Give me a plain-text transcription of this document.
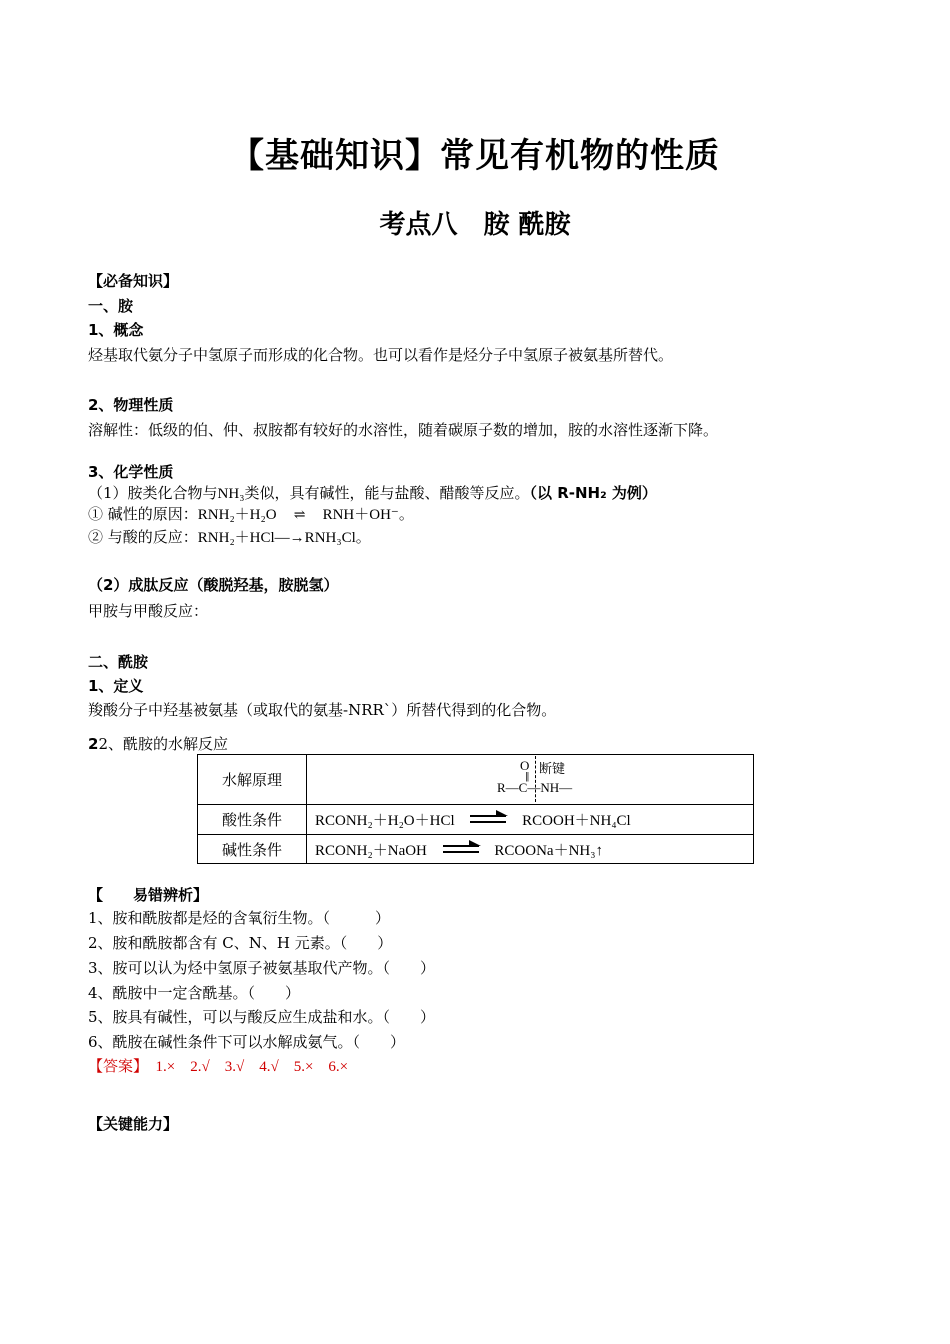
【基础知识】常见有机物的性质
考点八　胺 酰胺
【必备知识】
一、胺
1、概念
烃基取代氨分子中氢原子而形成的化合物。也可以看作是烃分子中氢原子被氨基所替代。
2、物理性质
溶解性：低级的伯、仲、叔胺都有较好的水溶性，随着碳原子数的增加，胺的水溶性逐渐下降。
3、化学性质
（1）胺类化合物与NH₃类似，具有碱性，能与盐酸、醋酸等反应。（以 R-NH₂ 为例）
① 碱性的原因：RNH₂＋H₂O ⇌ RNH＋OH⁻。
② 与酸的反应：RNH₂＋HCl—→RNH₃Cl。
（2）成肽反应（酸脱羟基，胺脱氢）
甲胺与甲酸反应：
二、酰胺
1、定义
羧酸分子中羟基被氨基（或取代的氨基-NRR`）所替代得到的化合物。
22、酰胺的水解反应
水解原理	O
‖ 断键
R—C—NH—

酸性条件	RCONH₂＋H₂O＋HCl RCOOH＋NH₄Cl
碱性条件	RCONH₂＋NaOH RCOONa＋NH₃↑
【　　易错辨析】
1、胺和酰胺都是烃的含氧衍生物。（　　　）
2、胺和酰胺都含有 C、N、H 元素。（　　）
3、胺可以认为烃中氢原子被氨基取代产物。（　　）
4、酰胺中一定含酰基。（　　）
5、胺具有碱性，可以与酸反应生成盐和水。（　　）
6、酰胺在碱性条件下可以水解成氨气。（　　）
【答案】　 1.×　2.√　3.√　4.√　5.×　6.×
【关键能力】
